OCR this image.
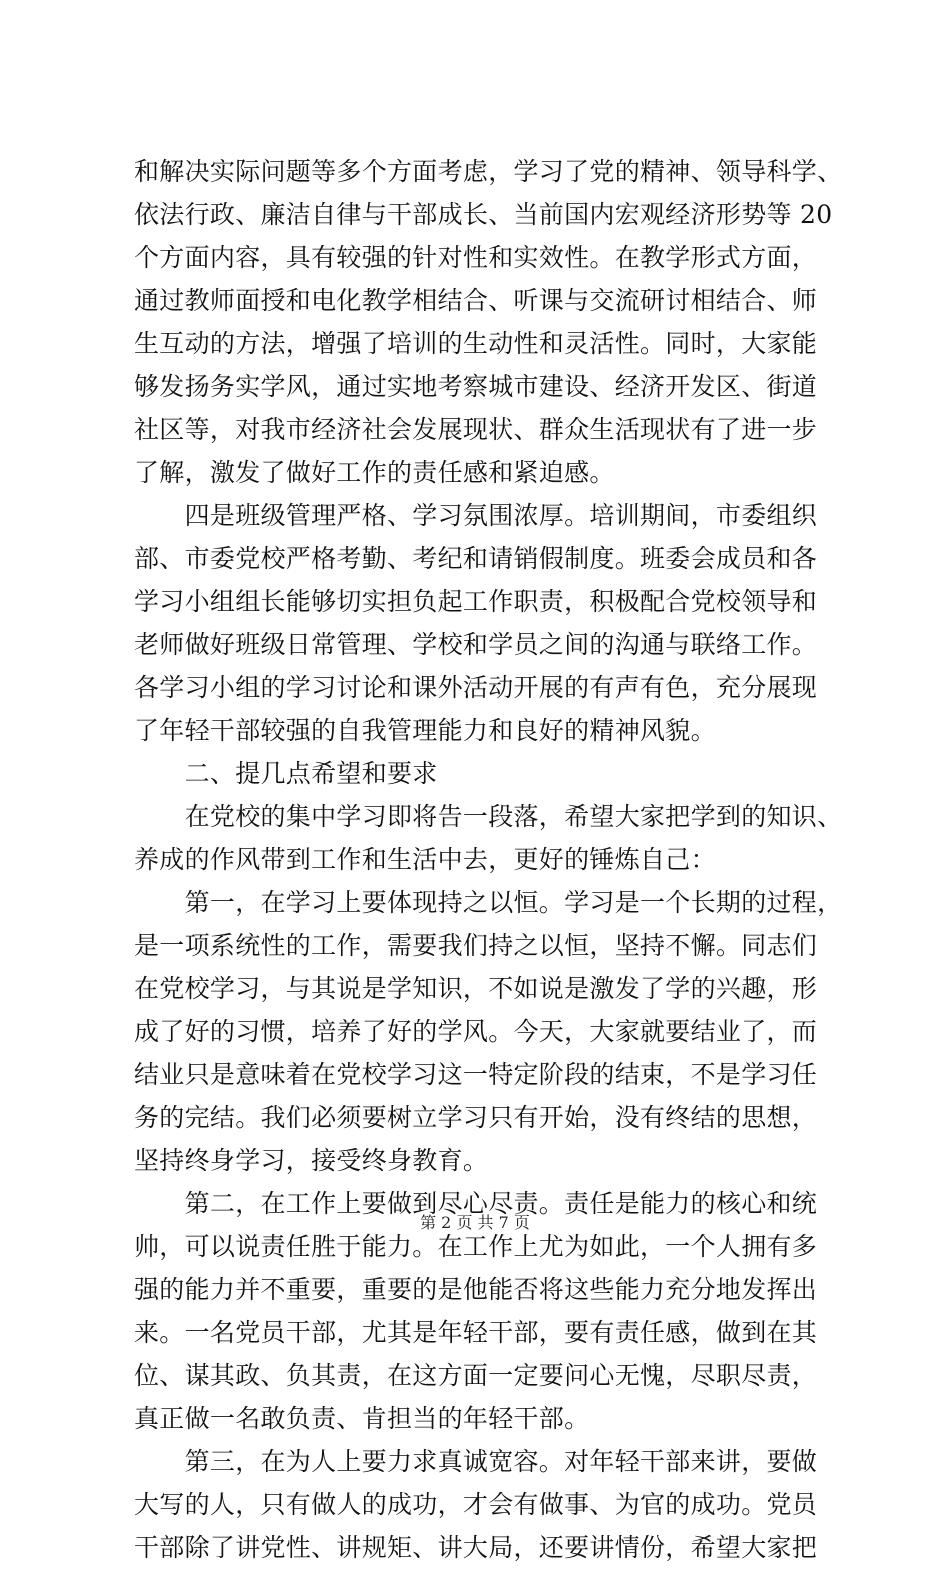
和解决实际问题等多个方面考虑，学习了党的精神、领导科学、
依法行政、廉洁自律与干部成长、当前国内宏观经济形势等 20
个方面内容，具有较强的针对性和实效性。在教学形式方面，
通过教师面授和电化教学相结合、听课与交流研讨相结合、师
生互动的方法，增强了培训的生动性和灵活性。同时，大家能
够发扬务实学风，通过实地考察城市建设、经济开发区、街道
社区等，对我市经济社会发展现状、群众生活现状有了进一步
了解，激发了做好工作的责任感和紧迫感。
　　四是班级管理严格、学习氛围浓厚。培训期间，市委组织
部、市委党校严格考勤、考纪和请销假制度。班委会成员和各
学习小组组长能够切实担负起工作职责，积极配合党校领导和
老师做好班级日常管理、学校和学员之间的沟通与联络工作。
各学习小组的学习讨论和课外活动开展的有声有色，充分展现
了年轻干部较强的自我管理能力和良好的精神风貌。
　　二、提几点希望和要求
　　在党校的集中学习即将告一段落，希望大家把学到的知识、
养成的作风带到工作和生活中去，更好的锤炼自己：
　　第一，在学习上要体现持之以恒。学习是一个长期的过程，
是一项系统性的工作，需要我们持之以恒，坚持不懈。同志们
在党校学习，与其说是学知识，不如说是激发了学的兴趣，形
成了好的习惯，培养了好的学风。今天，大家就要结业了，而
结业只是意味着在党校学习这一特定阶段的结束，不是学习任
务的完结。我们必须要树立学习只有开始，没有终结的思想，
坚持终身学习，接受终身教育。
　　第二，在工作上要做到尽心尽责。责任是能力的核心和统
帅，可以说责任胜于能力。在工作上尤为如此，一个人拥有多
强的能力并不重要，重要的是他能否将这些能力充分地发挥出
来。一名党员干部，尤其是年轻干部，要有责任感，做到在其
位、谋其政、负其责，在这方面一定要问心无愧，尽职尽责，
真正做一名敢负责、肯担当的年轻干部。
　　第三，在为人上要力求真诚宽容。对年轻干部来讲，要做
大写的人，只有做人的成功，才会有做事、为官的成功。党员
干部除了讲党性、讲规矩、讲大局，还要讲情份，希望大家把
第 2 页 共 7 页
